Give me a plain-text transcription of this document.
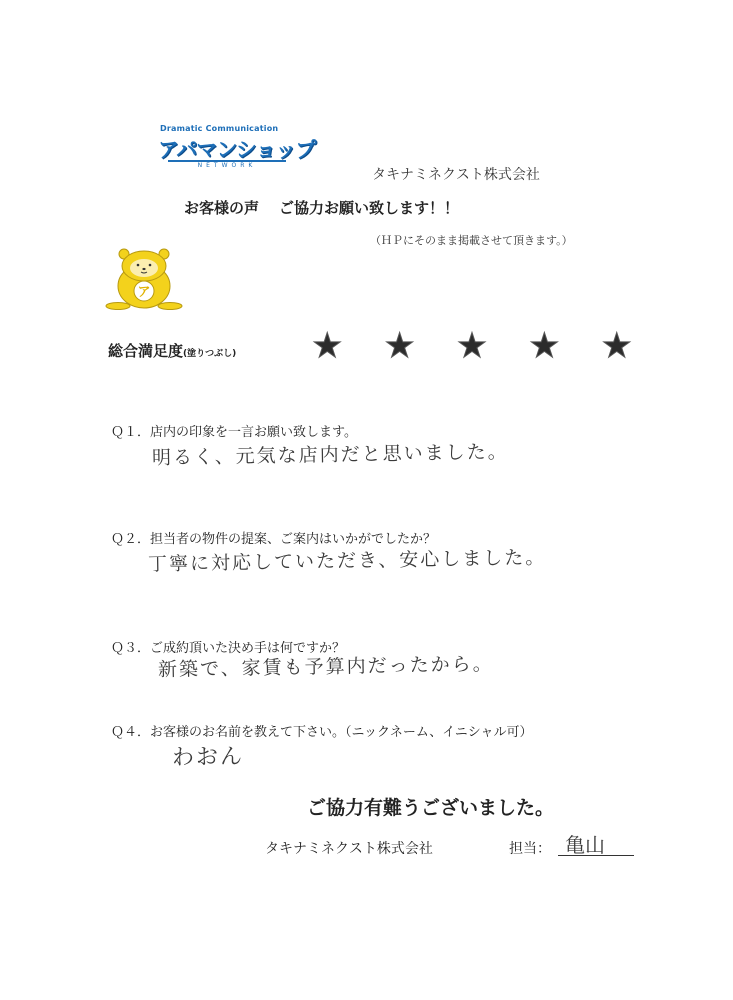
Dramatic Communication
アパマンショップ
NETWORK
タキナミネクスト株式会社
お客様の声 ご協力お願い致します！！
（ＨＰにそのまま掲載させて頂きます。）
ア
総合満足度(塗りつぶし) ★ ★ ★ ★ ★
Ｑ１．店内の印象を一言お願い致します。
明るく、元気な店内だと思いました。
Ｑ２．担当者の物件の提案、ご案内はいかがでしたか？
丁寧に対応していただき、安心しました。
Ｑ３．ご成約頂いた決め手は何ですか？
新築で、家賃も予算内だったから。
Ｑ４．お客様のお名前を教えて下さい。（ニックネーム、イニシャル可）
わおん
ご協力有難うございました。
タキナミネクスト株式会社	担当： 亀山
